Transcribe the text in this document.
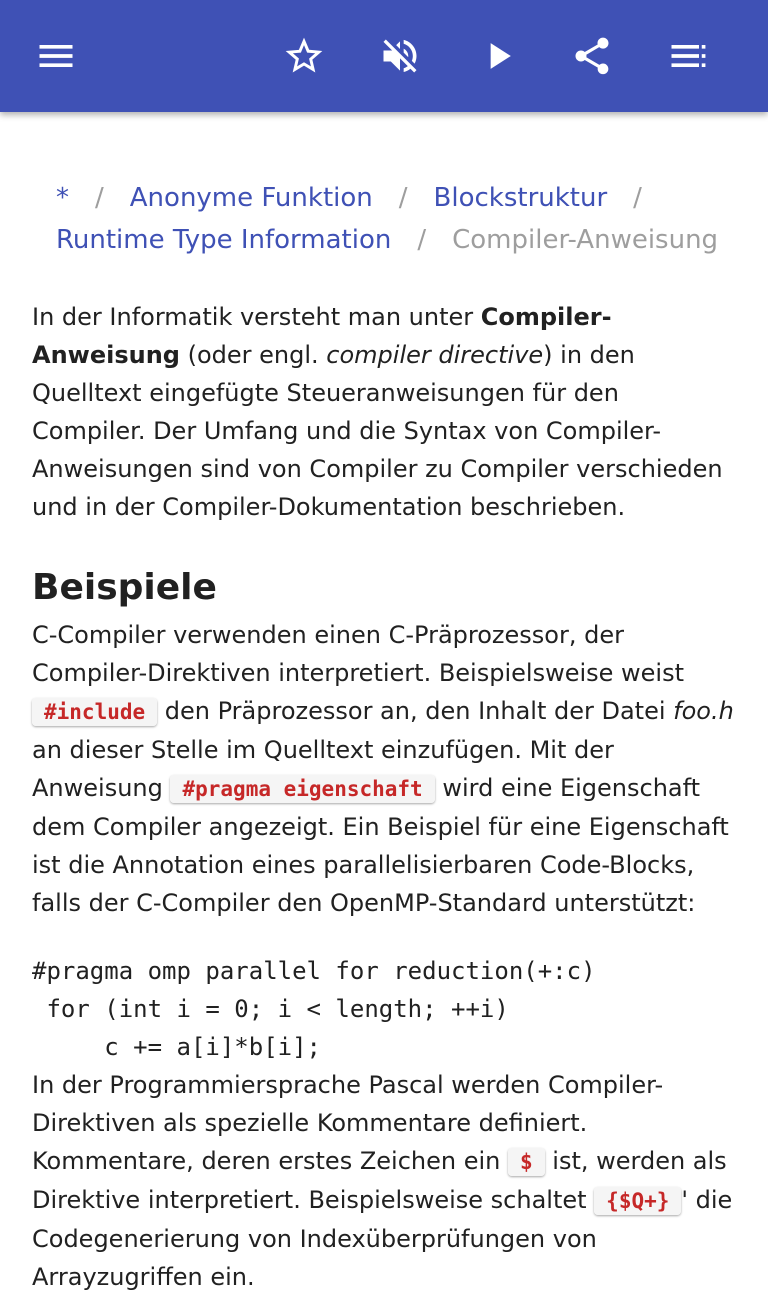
* / Anonyme Funktion / Blockstruktur /
Runtime Type Information / Compiler-Anweisung

In der Informatik versteht man unter Compiler-Anweisung (oder engl. compiler directive) in den Quelltext eingefügte Steueranweisungen für den Compiler. Der Umfang und die Syntax von Compiler-Anweisungen sind von Compiler zu Compiler verschieden und in der Compiler-Dokumentation beschrieben.

Beispiele

C-Compiler verwenden einen C-Präprozessor, der Compiler-Direktiven interpretiert. Beispielsweise weist #include den Präprozessor an, den Inhalt der Datei foo.h an dieser Stelle im Quelltext einzufügen. Mit der Anweisung #pragma eigenschaft wird eine Eigenschaft dem Compiler angezeigt. Ein Beispiel für eine Eigenschaft ist die Annotation eines parallelisierbaren Code-Blocks, falls der C-Compiler den OpenMP-Standard unterstützt:

#pragma omp parallel for reduction(+:c)
for (int i = 0; i < length; ++i)
c += a[i]*b[i];

In der Programmiersprache Pascal werden Compiler-Direktiven als spezielle Kommentare definiert. Kommentare, deren erstes Zeichen ein $ ist, werden als Direktive interpretiert. Beispielsweise schaltet {$Q+} ' die Codegenerierung von Indexüberprüfungen von Arrayzugriffen ein.
